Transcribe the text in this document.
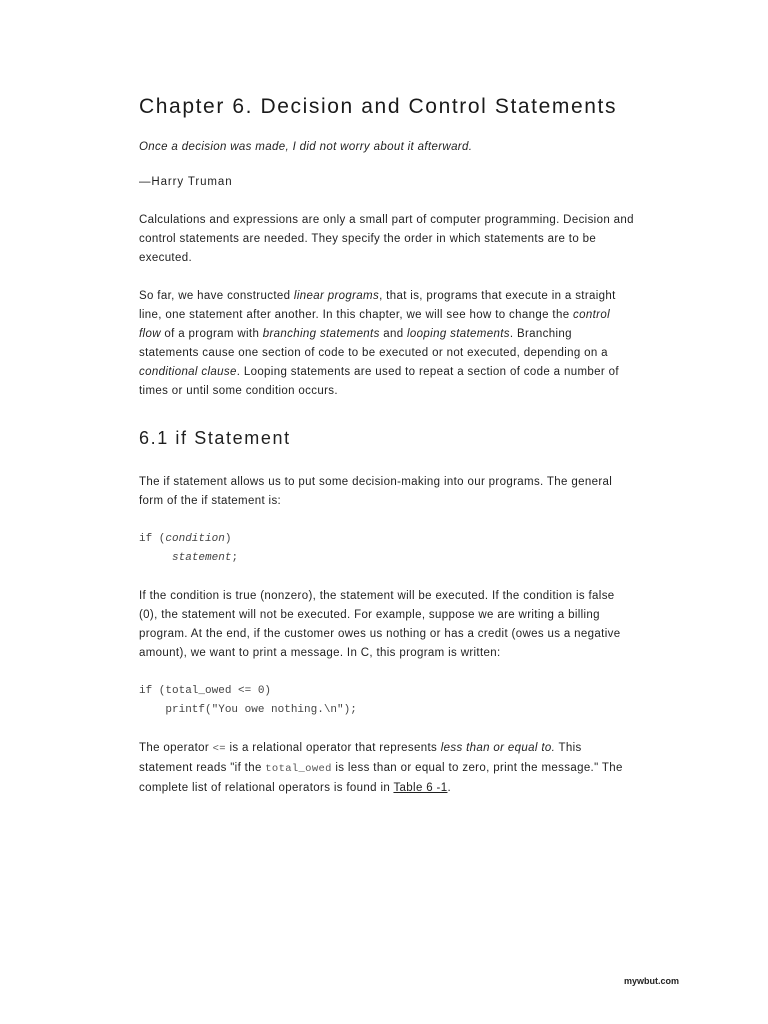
Chapter 6. Decision and Control Statements

Once a decision was made, I did not worry about it afterward.

—Harry Truman

Calculations and expressions are only a small part of computer programming. Decision and control statements are needed. They specify the order in which statements are to be executed.

So far, we have constructed linear programs, that is, programs that execute in a straight line, one statement after another. In this chapter, we will see how to change the control flow of a program with branching statements and looping statements. Branching statements cause one section of code to be executed or not executed, depending on a conditional clause. Looping statements are used to repeat a section of code a number of times or until some condition occurs.

6.1 if Statement

The if statement allows us to put some decision-making into our programs. The general form of the if statement is:

if (condition)
statement;

If the condition is true (nonzero), the statement will be executed. If the condition is false (0), the statement will not be executed. For example, suppose we are writing a billing program. At the end, if the customer owes us nothing or has a credit (owes us a negative amount), we want to print a message. In C, this program is written:

if (total_owed <= 0)
printf("You owe nothing.\n");

The operator <= is a relational operator that represents less than or equal to. This statement reads "if the total_owed is less than or equal to zero, print the message." The complete list of relational operators is found in Table 6 -1.

mywbut.com
